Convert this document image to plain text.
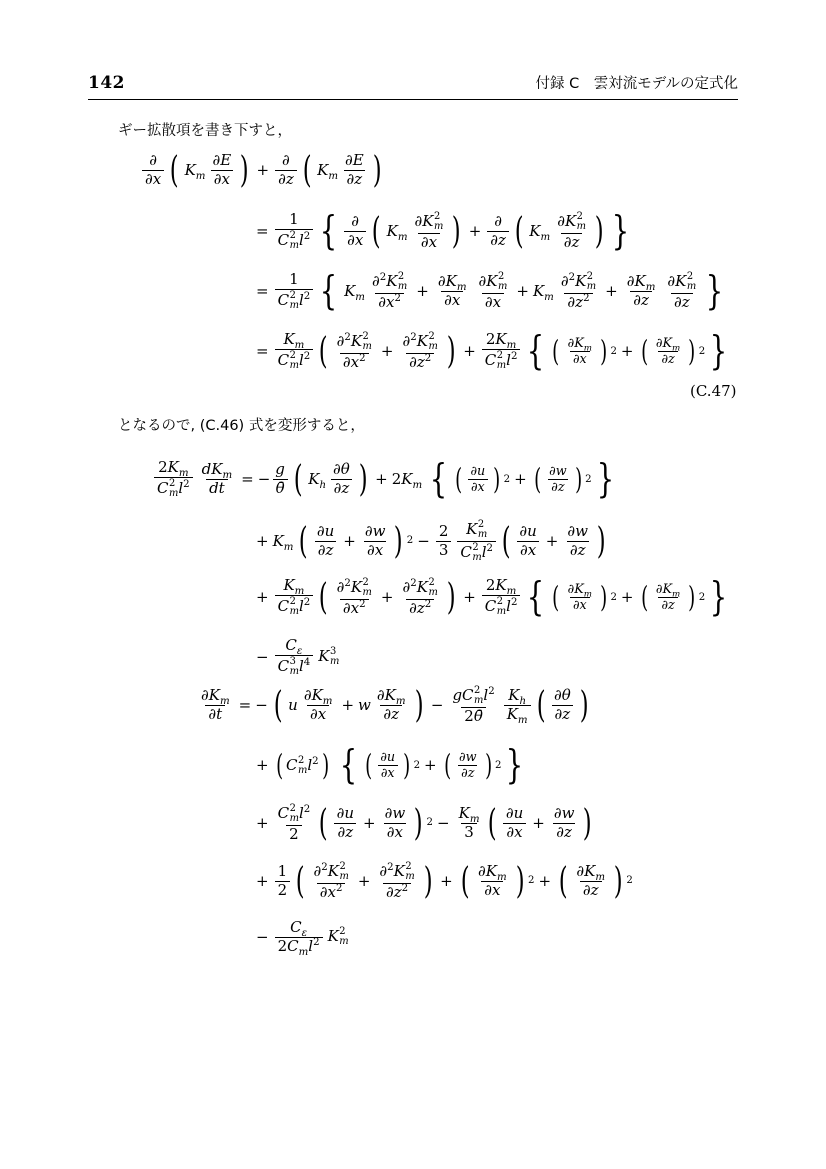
142	付録 C　雲対流モデルの定式化
ギー拡散項を書き下すと，
$\frac{\partial}{\partial x}$ ( $K_m \frac{\partial E}{\partial x}$ ) + $\frac{\partial}{\partial z}$ ( $K_m \frac{\partial E}{\partial z}$ )
= 1
C 2
m $l^2$ { $\frac{\partial}{\partial x}$ ( $K_m$ ∂K 2
m
∂x ) + $\frac{\partial}{\partial z}$ ( $K_m$ ∂K 2
m
∂z ) }
= 1
C 2
m $l^2$ { $K_m$ ∂$^2$K 2
m
$\partial x^2 + \frac{\partial K_m}{\partial x} \partial K$ 2
m
$\partial x + K_m$ ∂$^2$K 2
m
$\partial z^2 + \frac{\partial K_m}{\partial z} \partial K$ 2
m
∂z }
= $K_m$
C 2
m $l^2$ ( ∂$^2$K 2
m
$\partial x^2 + \partial^2K$ 2
m
$\partial z^2$ ) + $2K_m$
C 2
m $l^2$ { ( $\frac{\partial K_m}{\partial x}$ ) 2 + ( $\frac{\partial K_m}{\partial z}$ ) 2 }
(C.47)
となるので, (C.46) 式を変形すると，
$2K_m$
C 2
m $l^2 \frac{dK_m}{dt}$ = − $\frac{g}{\thetā}$ ( $K_h \frac{\partial\theta}{\partial z}$ ) + $2K_m$ { ( $\frac{\partial u}{\partial x}$ ) 2 + ( $\frac{\partial w}{\partial z}$ ) 2 }
+ $K_m$ ( $\frac{\partial u}{\partial z} + \frac{\partial w}{\partial x}$ ) $2 - \frac{2}{3}$ K 2
m
C 2
m $l^2$ ( $\frac{\partial u}{\partial x} + \frac{\partial w}{\partial z}$ )
+ $K_m$
C 2
m $l^2$ ( ∂$^2$K 2
m
$\partial x^2 + \partial^2K$ 2
m
$\partial z^2$ ) + $2K_m$
C 2
m $l^2$ { ( $\frac{\partial K_m}{\partial x}$ ) 2 + ( $\frac{\partial K_m}{\partial z}$ ) 2 }
− $C_\varepsilon$
C 3
m $l^4$ K 3
m
$\frac{\partial K_m}{\partial t}$ = − ( u $\frac{\partial K_m}{\partial x} + w \frac{\partial K_m}{\partial z}$ ) − gC 2
m $l^2$
2θ̄ $\frac{K_h}{K_m}$ ( $\frac{\partial\theta}{\partial z}$ )
+ ( C 2
m $l^2$ ) { ( $\frac{\partial u}{\partial x}$ ) 2 + ( $\frac{\partial w}{\partial z}$ ) 2 }
+ C 2
m $l^2$
2 ( $\frac{\partial u}{\partial z} + \frac{\partial w}{\partial x}$ ) $2 - \frac{K_m}{3}$ ( $\frac{\partial u}{\partial x} + \frac{\partial w}{\partial z}$ )
+ $\frac{1}{2}$ ( ∂$^2$K 2
m
$\partial x^2 + \partial^2K$ 2
m
$\partial z^2$ ) + ( $\frac{\partial K_m}{\partial x}$ ) 2 + ( $\frac{\partial K_m}{\partial z}$ ) 2
− $\frac{C_\varepsilon}{2C_ml^2}$ K 2
m
